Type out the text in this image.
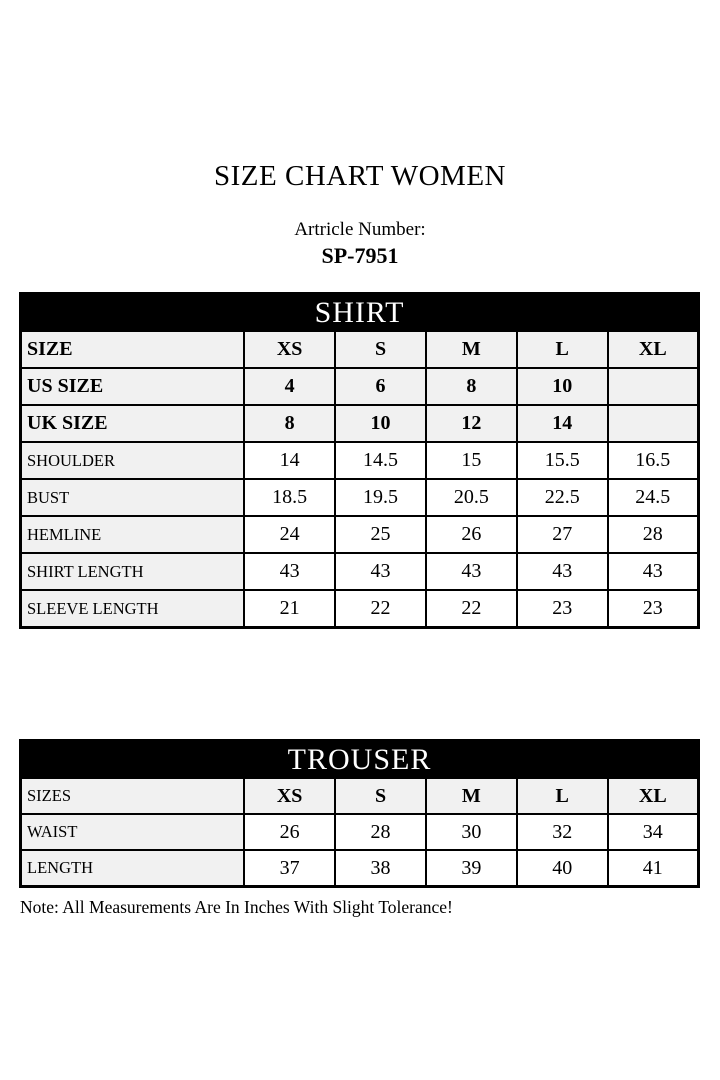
SIZE CHART WOMEN
Artricle Number:
SP-7951
SHIRT					
SIZE	XS	S	M	L	XL
US SIZE	4	6	8	10	
UK SIZE	8	10	12	14	
SHOULDER	14	14.5	15	15.5	16.5
BUST	18.5	19.5	20.5	22.5	24.5
HEMLINE	24	25	26	27	28
SHIRT LENGTH	43	43	43	43	43
SLEEVE LENGTH	21	22	22	23	23
TROUSER					
SIZES	XS	S	M	L	XL
WAIST	26	28	30	32	34
LENGTH	37	38	39	40	41
Note: All Measurements Are In Inches With Slight Tolerance!
